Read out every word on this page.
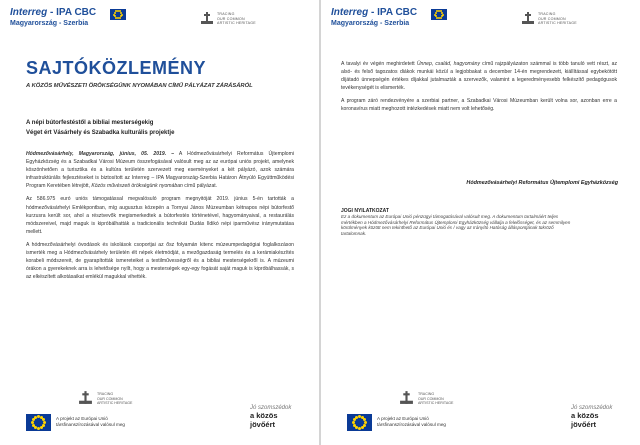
Interreg - IPA CBC
Magyarország - Szerbia
TRACING
OUR COMMON
ARTISTIC HERITAGE
SAJTÓKÖZLEMÉNY
A KÖZÖS MŰVÉSZETI ÖRÖKSÉGÜNK NYOMÁBAN CÍMŰ PÁLYÁZAT ZÁRÁSÁRÓL
A népi bútorfestéstől a bibliai mesterségekig
Véget ért Vásárhely és Szabadka kulturális projektje

Hódmezővásárhely, Magyarország, június, 05. 2019. – A Hódmezővásárhelyi Református Újtemplomi Egyházközség és a Szabadkai Városi Múzeum összefogásával valósult meg az az európai uniós projekt, amelynek köszönhetően a turisztika és a kultúra területén szervezett meg eseményeket a két pályázó, azok számára infrastruktúrális fejlesztéseket is biztosított az Interreg – IPA Magyarország-Szerbia Határon Átnyúló Együttműködési Program Keretében létrejött, Közös művészeti örökségünk nyomában című pályázat.

Az 586.975 euró uniós támogatással megvalósuló program megnyitóját 2019. június 5-én tartották a hódmezővásárhelyi Emlékpontban, míg augusztus közepén a Tornyai János Múzeumban kétnapos népi bútorfestő kurzusra került sor, ahol a résztvevők megismerkedtek a bútorfestés történetével, hagyományaival, a restaurálás módszereivel, majd maguk is kipróbálhatták a tradicionális technikát Dudás Ildikó népi iparművész iránymutatása mellett.

A hódmezővásárhelyi óvodások és iskolások csoportjai az ősz folyamán kitenc múzeumpedagógiai foglalkozáson ismerték meg a Hódmezővásárhely területén élt népek életmódját, a mezőgazdaság termelés és a kerámiakészítés korabeli módszereit, de gyarapították ismereteiket a textilművességről és a bibliai mesterségekről is. A múzeumi órákon a gyerekeknek arra is lehetősége nyílt, hogy a mesterségek egy-egy fogását saját maguk is kipróbálhassák, s az elkészített alkotásaikat emlékül magukkal vihették.

TRACING
OUR COMMON
ARTISTIC HERITAGE
A projekt az Európai Unió
társfinanszírozásával valósul meg
Jó szomszédok
a közös
jövőért
Interreg - IPA CBC
Magyarország - Szerbia
TRACING
OUR COMMON
ARTISTIC HERITAGE

A tavalyi év végén meghirdetett Ünnep, család, hagyomány című rajzpályázaton számmal is több tanuló vett részt, az alsó- és felső tagozatos diákok munkái közül a legjobbakat a december 14-én megrendezett, kiállítással egybekötött díjátadó ünnepségén értékes díjakkal jutalmazták a szervezők, valamint a legeredményesebb felkészítő pedagógusok tevékenységét is elismerték.

A program záró rendezvényére a szerbiai partner, a Szabadkai Városi Múzeumban került volna sor, azonban erre a koronavírus miatt meghozott intézkedések miatt nem volt lehetőség.

Hódmezővásárhelyi Református Újtemplomi Egyházközség
JOGI NYILATKOZAT
Ez a dokumentum az Európai Unió pénzügyi támogatásával valósult meg. A dokumentum tartalmáért teljes mértékben a Hódmezővásárhelyi Református Újtemplomi Egyházközség vállalja a felelősséget, és az semmilyen körülmények között nem tekinthető az Európai Unió és / vagy az Irányító Hatóság álláspontjának tükröző tartalomnak.
TRACING
OUR COMMON
ARTISTIC HERITAGE
A projekt az Európai Unió
társfinanszírozásával valósul meg
Jó szomszédok
a közös
jövőért
